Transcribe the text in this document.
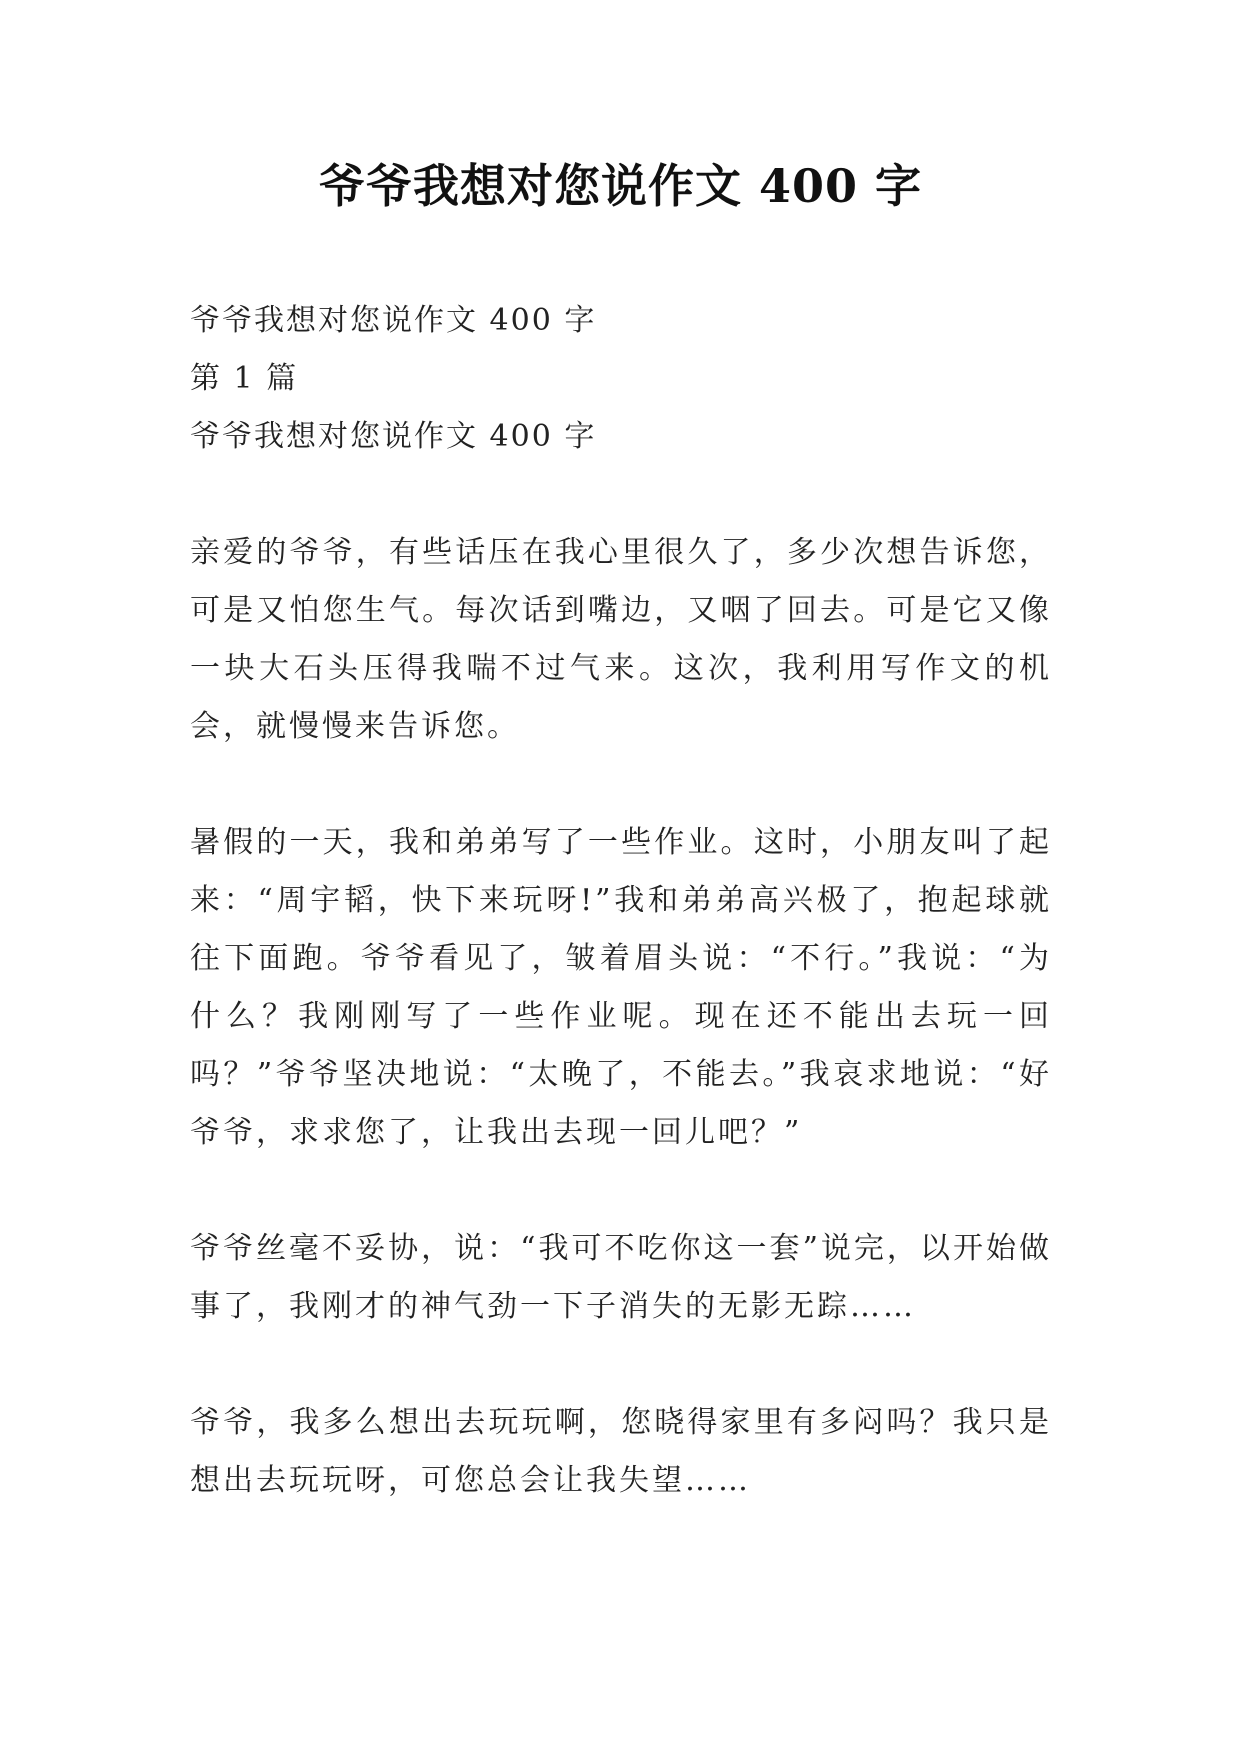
爷爷我想对您说作文 400 字
爷爷我想对您说作文 400 字
第 1 篇
爷爷我想对您说作文 400 字

亲爱的爷爷，有些话压在我心里很久了，多少次想告诉您，可是又怕您生气。每次话到嘴边，又咽了回去。可是它又像一块大石头压得我喘不过气来。这次，我利用写作文的机会，就慢慢来告诉您。

暑假的一天，我和弟弟写了一些作业。这时，小朋友叫了起来：“周宇韬，快下来玩呀!”我和弟弟高兴极了，抱起球就往下面跑。爷爷看见了，皱着眉头说：“不行。”我说：“为什么？我刚刚写了一些作业呢。现在还不能出去玩一回吗？”爷爷坚决地说：“太晚了，不能去。”我哀求地说：“好爷爷，求求您了，让我出去现一回儿吧？”

爷爷丝毫不妥协，说：“我可不吃你这一套”说完，以开始做事了，我刚才的神气劲一下子消失的无影无踪……

爷爷，我多么想出去玩玩啊，您晓得家里有多闷吗？我只是想出去玩玩呀，可您总会让我失望……
